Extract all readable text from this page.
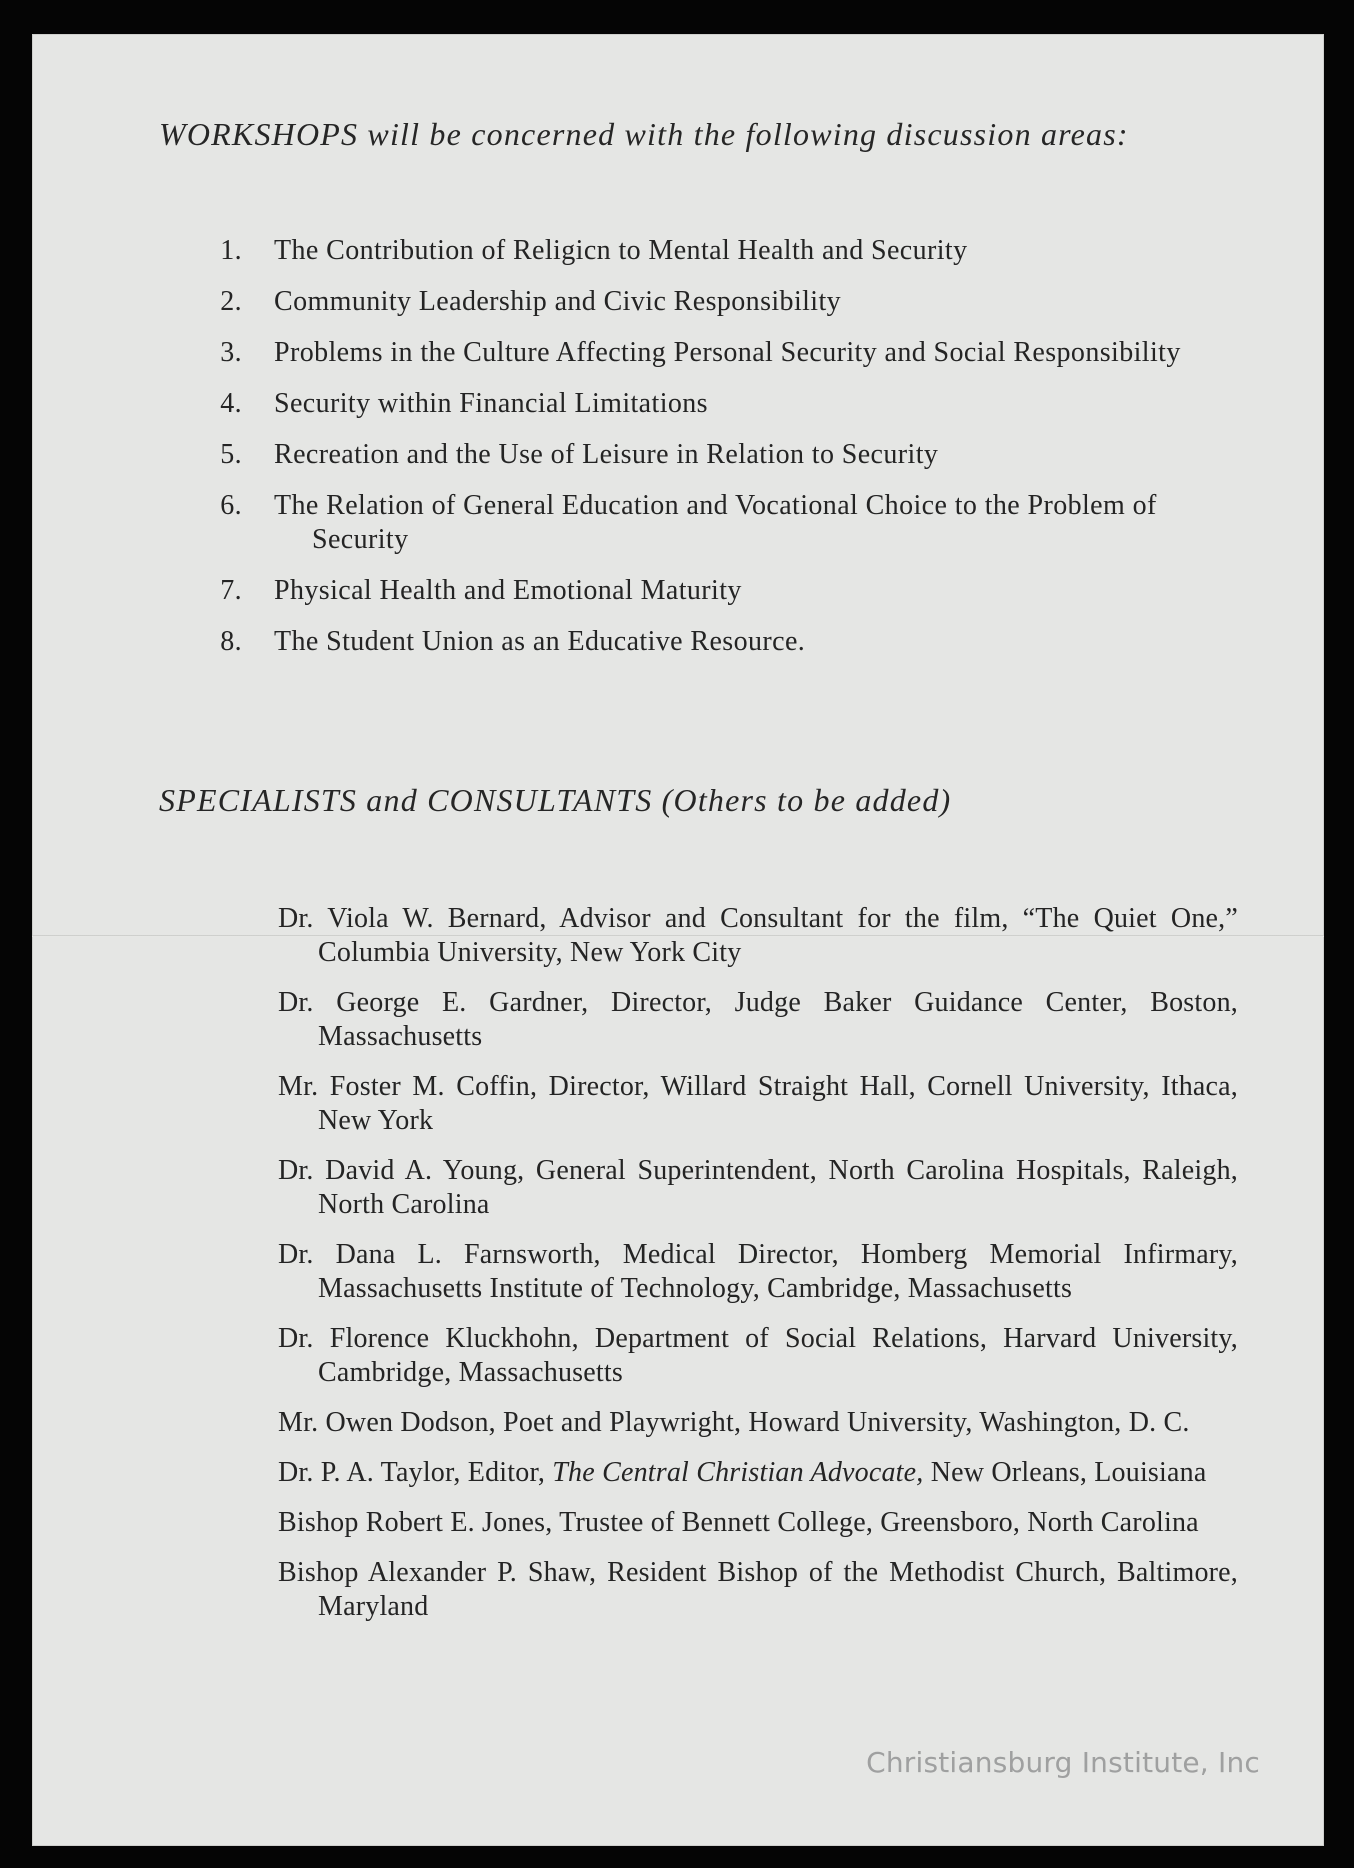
WORKSHOPS will be concerned with the following discussion areas:
1. The Contribution of Religicn to Mental Health and Security
2. Community Leadership and Civic Responsibility
3. Problems in the Culture Affecting Personal Security and Social Responsibility
4. Security within Financial Limitations
5. Recreation and the Use of Leisure in Relation to Security
6. The Relation of General Education and Vocational Choice to the Problem of Security
7. Physical Health and Emotional Maturity
8. The Student Union as an Educative Resource.
SPECIALISTS and CONSULTANTS (Others to be added)
Dr. Viola W. Bernard, Advisor and Consultant for the film, “The Quiet One,” Columbia University, New York City
Dr. George E. Gardner, Director, Judge Baker Guidance Center, Boston, Massachusetts
Mr. Foster M. Coffin, Director, Willard Straight Hall, Cornell University, Ithaca, New York
Dr. David A. Young, General Superintendent, North Carolina Hospitals, Raleigh, North Carolina
Dr. Dana L. Farnsworth, Medical Director, Homberg Memorial Infirmary, Massachusetts Institute of Technology, Cambridge, Massachusetts
Dr. Florence Kluckhohn, Department of Social Relations, Harvard University, Cambridge, Massachusetts
Mr. Owen Dodson, Poet and Playwright, Howard University, Washington, D. C.
Dr. P. A. Taylor, Editor, The Central Christian Advocate, New Orleans, Louisiana
Bishop Robert E. Jones, Trustee of Bennett College, Greensboro, North Carolina
Bishop Alexander P. Shaw, Resident Bishop of the Methodist Church, Baltimore, Maryland
Christiansburg Institute, Inc
